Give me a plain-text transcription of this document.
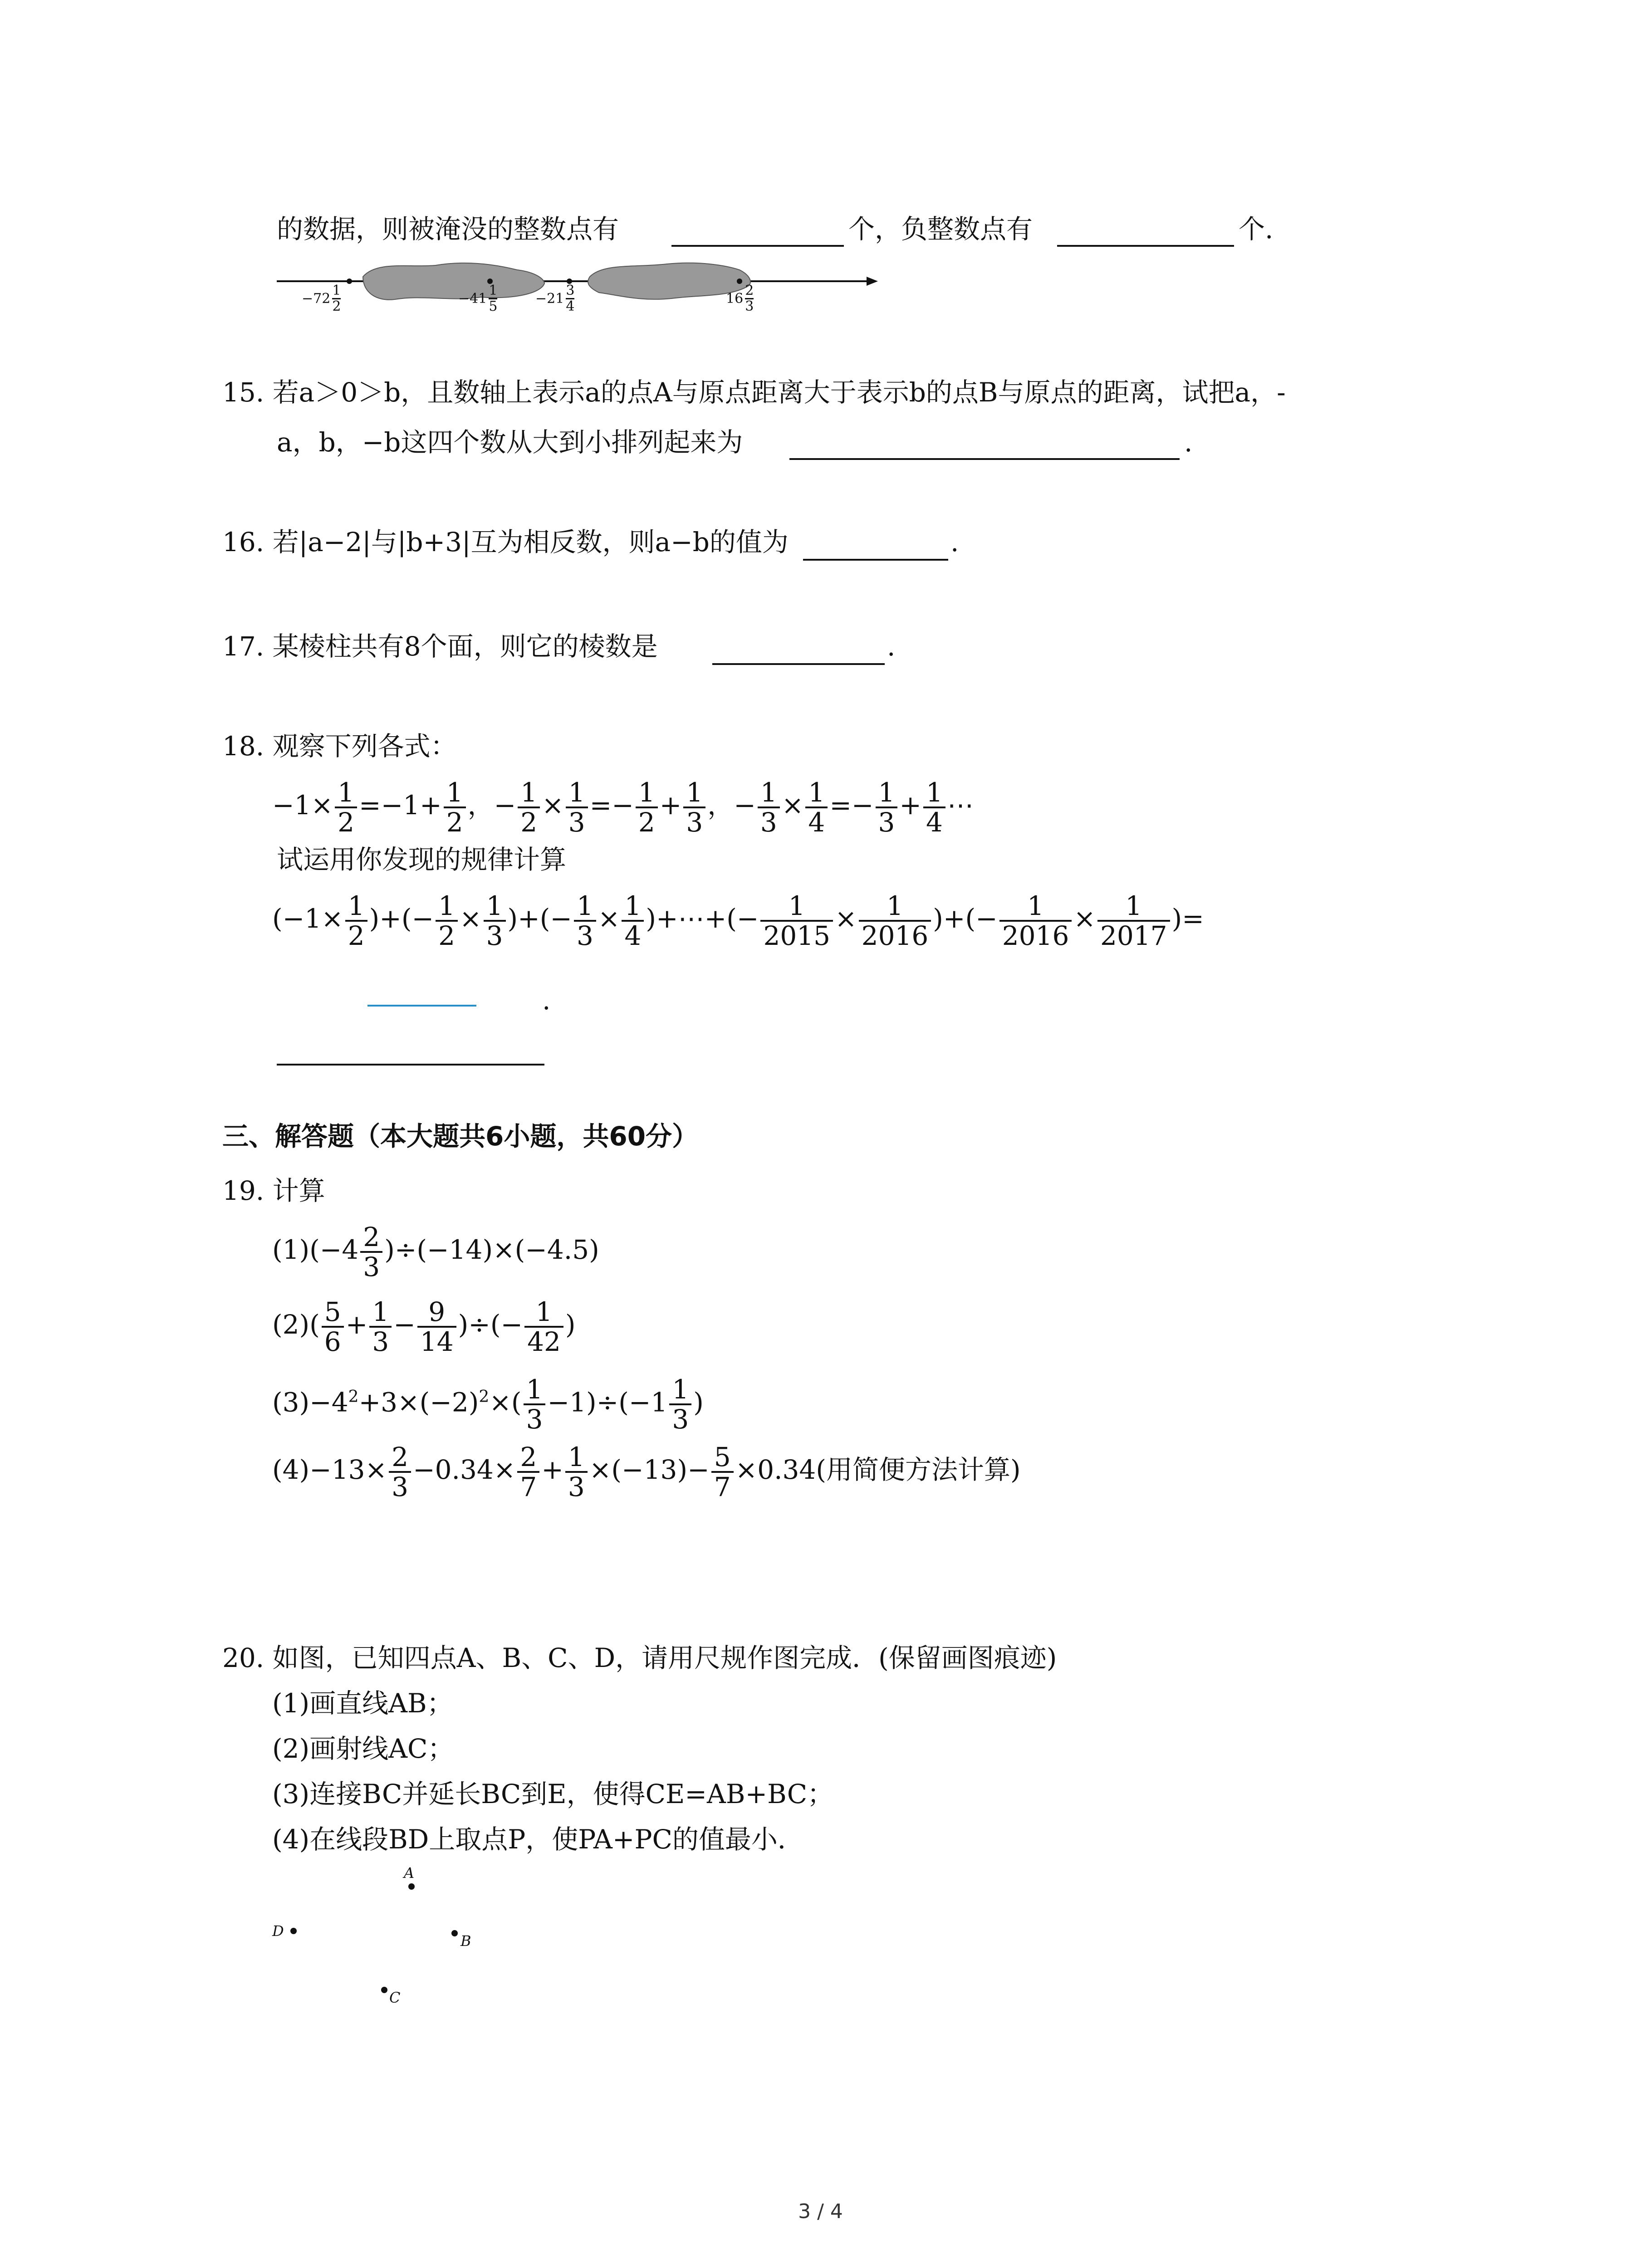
的数据，则被淹没的整数点有	个，负整数点有	个.
$-72 \frac{1}{2}$	$-41 \frac{1}{5}$	$-21 \frac{3}{4}$	$16 \frac{2}{3}$
15. 若a＞0＞b，且数轴上表示a的点A与原点距离大于表示b的点B与原点的距离，试把a，-
a，b，−b这四个数从大到小排列起来为	.
16. 若|a−2|与|b+3|互为相反数，则a−b的值为	.
17. 某棱柱共有8个面，则它的棱数是	.
18. 观察下列各式：
$-1\times \frac{1}{2} =-1+ \frac{1}{2}$ ，− $\frac{1}{2} \times \frac{1}{3} =- \frac{1}{2} + \frac{1}{3}$ ，− $\frac{1}{3} \times \frac{1}{4} =- \frac{1}{3} + \frac{1}{4}$ ⋯
试运用你发现的规律计算
($-1\times \frac{1}{2}$ )+(− $\frac{1}{2} \times \frac{1}{3}$ )+(− $\frac{1}{3} \times \frac{1}{4}$ )+⋯+(− $\frac{1}{2015} \times \frac{1}{2016}$ )+(− $\frac{1}{2016} \times \frac{1}{2017}$ )=
.
三、解答题（本大题共6小题，共60分）
19. 计算
$(1)(-4 \frac{2}{3} )\div(-14)\times(-4.5)$
$(2)( \frac{5}{6} + \frac{1}{3} - \frac{9}{14}$ )÷(− $\frac{1}{42}$ )
$(3)-4^2+3\times(-2)^2\times( \frac{1}{3} -1)\div(-1 \frac{1}{3}$ )
$(4)-13\times \frac{2}{3} -0.34\times \frac{2}{7} + \frac{1}{3} \times(-13)- \frac{5}{7} \times 0.34$(用简便方法计算)
20. 如图，已知四点A、B、C、D，请用尺规作图完成．(保留画图痕迹)
(1)画直线AB；
(2)画射线AC；
(3)连接BC并延长BC到E，使得CE=AB+BC；
(4)在线段BD上取点P，使PA+PC的值最小．
A
D
B
C
3 / 4
